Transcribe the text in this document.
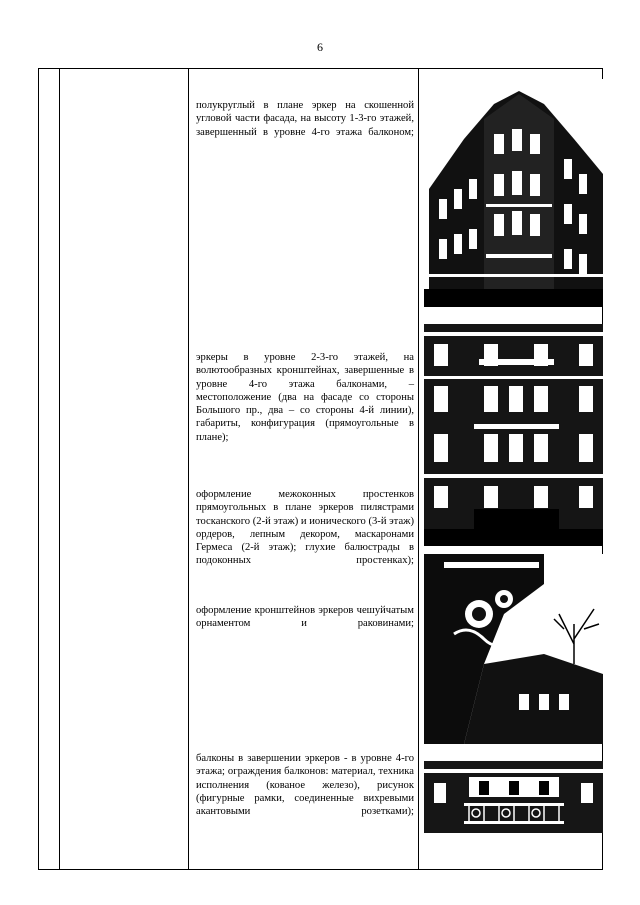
6

полукруглый в плане эркер на скошенной угловой части фасада, на высоту 1-3-го этажей, завершенный в уровне 4-го этажа балконом;

эркеры в уровне 2-3-го этажей, на волютообразных кронштейнах, завершенные в уровне 4-го этажа балконами, – местоположение (два на фасаде со стороны Большого пр., два – со стороны 4-й линии), габариты, конфигурация (прямоугольные в плане);

оформление межоконных простенков прямоугольных в плане эркеров пилястрами тосканского (2-й этаж) и ионического (3-й этаж) ордеров, лепным декором, маскаронами Гермеса (2-й этаж); глухие балюстрады в подоконных простенках);

оформление кронштейнов эркеров чешуйчатым орнаментом и раковинами;

балконы в завершении эркеров - в уровне 4-го этажа; ограждения балконов: материал, техника исполнения (кованое железо), рисунок (фигурные рамки, соединенные вихревыми акантовыми розетками);
